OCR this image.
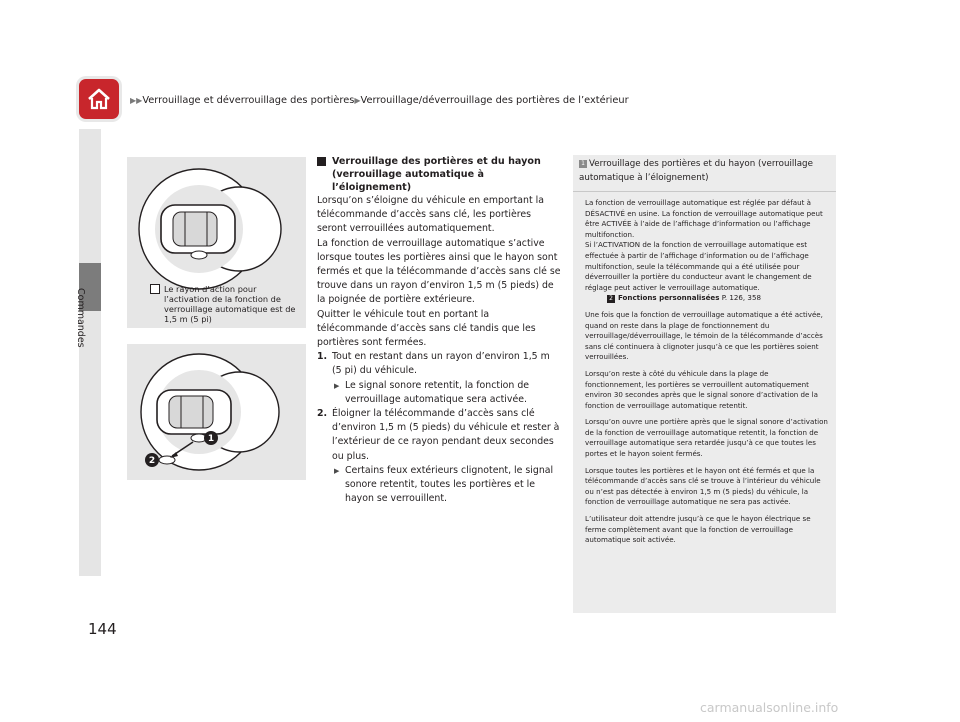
▶▶Verrouillage et déverrouillage des portières▶Verrouillage/déverrouillage des portières de l’extérieur
Commandes
144
Le rayon d’action pour l’activation de la fonction de verrouillage automatique est de 1,5 m (5 pi)
1
2
Verrouillage des portières et du hayon (verrouillage automatique à l’éloignement)

Lorsqu’on s’éloigne du véhicule en emportant la télécommande d’accès sans clé, les portières seront verrouillées automatiquement.

La fonction de verrouillage automatique s’active lorsque toutes les portières ainsi que le hayon sont fermés et que la télécommande d’accès sans clé se trouve dans un rayon d’environ 1,5 m (5 pieds) de la poignée de portière extérieure.

Quitter le véhicule tout en portant la télécommande d’accès sans clé tandis que les portières sont fermées.

1. Tout en restant dans un rayon d’environ 1,5 m (5 pi) du véhicule.
▶ Le signal sonore retentit, la fonction de verrouillage automatique sera activée.
2. Éloigner la télécommande d’accès sans clé d’environ 1,5 m (5 pieds) du véhicule et rester à l’extérieur de ce rayon pendant deux secondes ou plus.
▶ Certains feux extérieurs clignotent, le signal sonore retentit, toutes les portières et le hayon se verrouillent.
1 Verrouillage des portières et du hayon (verrouillage automatique à l’éloignement)

La fonction de verrouillage automatique est réglée par défaut à DÉSACTIVÉ en usine. La fonction de verrouillage automatique peut être ACTIVÉE à l’aide de l’affichage d’information ou l’affichage multifonction.
Si l’ACTIVATION de la fonction de verrouillage automatique est effectuée à partir de l’affichage d’information ou de l’affichage multifonction, seule la télécommande qui a été utilisée pour déverrouiller la portière du conducteur avant le changement de réglage peut activer le verrouillage automatique.
2 Fonctions personnalisées P. 126, 358

Une fois que la fonction de verrouillage automatique a été activée, quand on reste dans la plage de fonctionnement du verrouillage/déverrouillage, le témoin de la télécommande d’accès sans clé continuera à clignoter jusqu’à ce que les portières soient verrouillées.

Lorsqu’on reste à côté du véhicule dans la plage de fonctionnement, les portières se verrouillent automatiquement environ 30 secondes après que le signal sonore d’activation de la fonction de verrouillage automatique retentit.

Lorsqu’on ouvre une portière après que le signal sonore d’activation de la fonction de verrouillage automatique retentit, la fonction de verrouillage automatique sera retardée jusqu’à ce que toutes les portes et le hayon soient fermés.

Lorsque toutes les portières et le hayon ont été fermés et que la télécommande d’accès sans clé se trouve à l’intérieur du véhicule ou n’est pas détectée à environ 1,5 m (5 pieds) du véhicule, la fonction de verrouillage automatique ne sera pas activée.

L’utilisateur doit attendre jusqu’à ce que le hayon électrique se ferme complètement avant que la fonction de verrouillage automatique soit activée.

carmanualsonline.info
